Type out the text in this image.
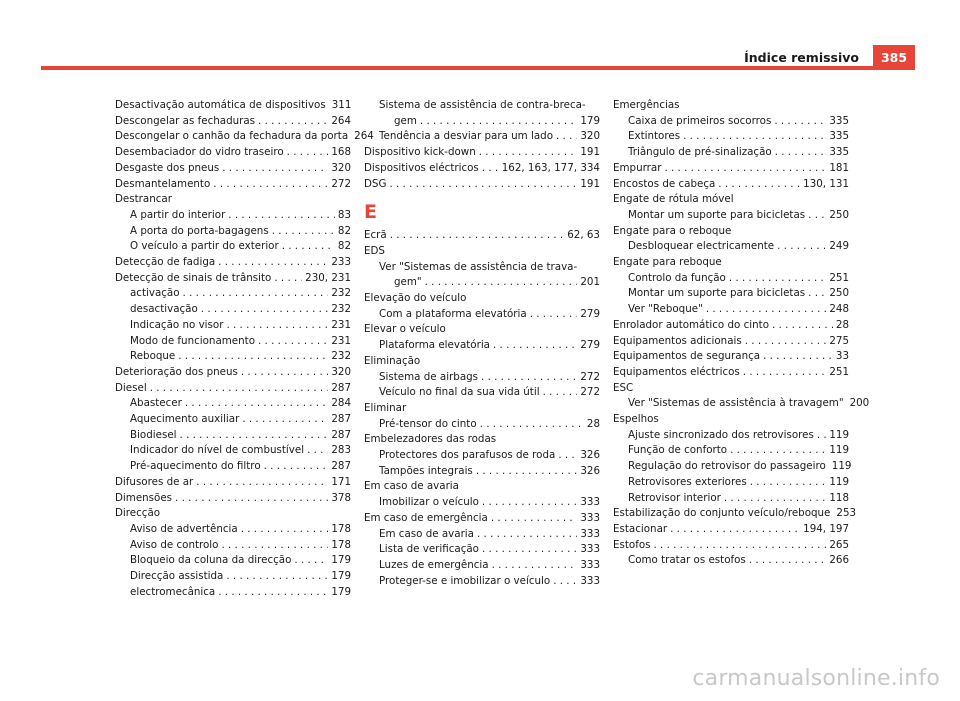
Índice remissivo	385
Desactivação automática de dispositivos 311
Descongelar as fechaduras . . .	264
Descongelar o canhão da fechadura da porta 264
Desembaciador do vidro traseiro . . .	168
Desgaste dos pneus . . .	320
Desmantelamento . . .	272
Destrancar
A partir do interior . . .	83
A porta do porta-bagagens . . .	82
O veículo a partir do exterior . . .	82
Detecção de fadiga . . .	233
Detecção de sinais de trânsito . . .	230, 231
activação . . .	232
desactivação . . .	232
Indicação no visor . . .	231
Modo de funcionamento . . .	231
Reboque . . .	232
Deterioração dos pneus . . .	320
Diesel . . .	287
Abastecer . . .	284
Aquecimento auxiliar . . .	287
Biodiesel . . .	287
Indicador do nível de combustível . . .	283
Pré-aquecimento do filtro . . .	287
Difusores de ar . . .	171
Dimensões . . .	378
Direcção
Aviso de advertência . . .	178
Aviso de controlo . . .	178
Bloqueio da coluna da direcção . . .	179
Direcção assistida . . .	179
electromecânica . . .	179
Sistema de assistência de contra-breca-
gem . . .	179
Tendência a desviar para um lado . . .	320
Dispositivo kick-down . . .	191
Dispositivos eléctricos . . . 162, 163, 177, 334
DSG . . .	191
E
Ecrã . . .	62, 63
EDS
Ver "Sistemas de assistência de trava-
gem" . . .	201
Elevação do veículo
Com a plataforma elevatória . . .	279
Elevar o veículo
Plataforma elevatória . . .	279
Eliminação
Sistema de airbags . . .	272
Veículo no final da sua vida útil . . .	272
Eliminar
Pré-tensor do cinto . . .	28
Embelezadores das rodas
Protectores dos parafusos de roda . . . 326
Tampões integrais . . .	326
Em caso de avaria
Imobilizar o veículo . . .	333
Em caso de emergência . . .	333
Em caso de avaria . . .	333
Lista de verificação . . .	333
Luzes de emergência . . .	333
Proteger-se e imobilizar o veículo . . .	333
Emergências
Caixa de primeiros socorros . . .	335
Extintores . . .	335
Triângulo de pré-sinalização . . .	335
Empurrar . . .	181
Encostos de cabeça . . .	130, 131
Engate de rótula móvel
Montar um suporte para bicicletas . . . 250
Engate para o reboque
Desbloquear electricamente . . .	249
Engate para reboque
Controlo da função . . .	251
Montar um suporte para bicicletas . . . 250
Ver "Reboque" . . .	248
Enrolador automático do cinto . . .	28
Equipamentos adicionais . . .	275
Equipamentos de segurança . . .	33
Equipamentos eléctricos . . .	251
ESC
Ver "Sistemas de assistência à travagem" 200
Espelhos
Ajuste sincronizado dos retrovisores . . . 119
Função de conforto . . .	119
Regulação do retrovisor do passageiro 119
Retrovisores exteriores . . .	119
Retrovisor interior . . .	118
Estabilização do conjunto veículo/reboque 253
Estacionar . . .	194, 197
Estofos . . .	265
Como tratar os estofos . . .	266
carmanualsonline.info
